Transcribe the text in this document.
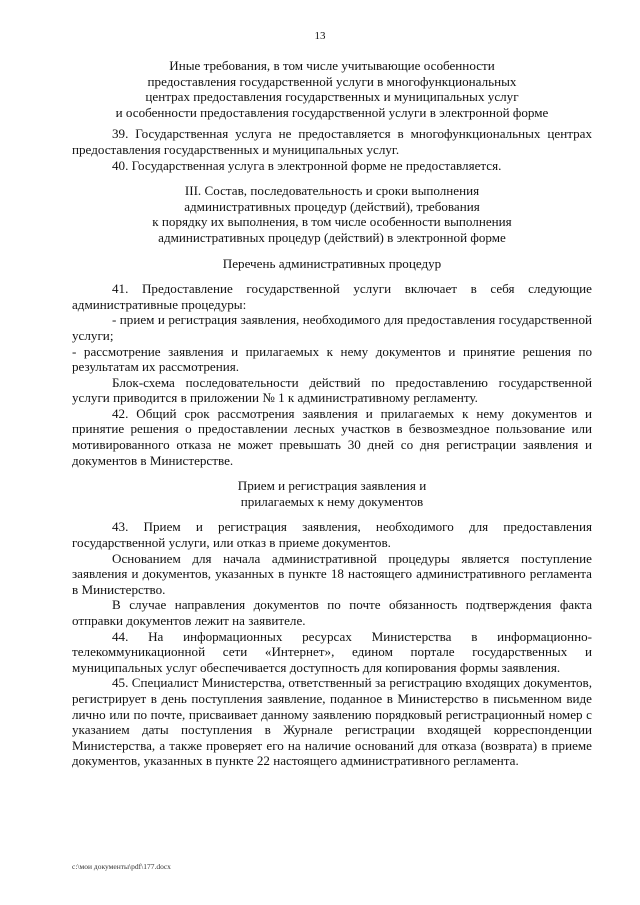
13

Иные требования, в том числе учитывающие особенности
предоставления государственной услуги в многофункциональных
центрах предоставления государственных и муниципальных услуг
и особенности предоставления государственной услуги в электронной форме

39. Государственная услуга не предоставляется в многофункциональных центрах предоставления государственных и муниципальных услуг.

40. Государственная услуга в электронной форме не предоставляется.

III. Состав, последовательность и сроки выполнения
административных процедур (действий), требования
к порядку их выполнения, в том числе особенности выполнения
административных процедур (действий) в электронной форме

Перечень административных процедур

41. Предоставление государственной услуги включает в себя следующие административные процедуры:

- прием и регистрация заявления, необходимого для предоставления государственной услуги;

- рассмотрение заявления и прилагаемых к нему документов и принятие решения по результатам их рассмотрения.

Блок-схема последовательности действий по предоставлению государственной услуги приводится в приложении № 1 к административному регламенту.

42. Общий срок рассмотрения заявления и прилагаемых к нему документов и принятие решения о предоставлении лесных участков в безвозмездное пользование или мотивированного отказа не может превышать 30 дней со дня регистрации заявления и документов в Министерстве.

Прием и регистрация заявления и
прилагаемых к нему документов

43. Прием и регистрация заявления, необходимого для предоставления государственной услуги, или отказ в приеме документов.

Основанием для начала административной процедуры является поступление заявления и документов, указанных в пункте 18 настоящего административного регламента в Министерство.

В случае направления документов по почте обязанность подтверждения факта отправки документов лежит на заявителе.

44. На информационных ресурсах Министерства в информационно-телекоммуникационной сети «Интернет», едином портале государственных и муниципальных услуг обеспечивается доступность для копирования формы заявления.

45. Специалист Министерства, ответственный за регистрацию входящих документов, регистрирует в день поступления заявление, поданное в Министерство в письменном виде лично или по почте, присваивает данному заявлению порядковый регистрационный номер с указанием даты поступления в Журнале регистрации входящей корреспонденции Министерства, а также проверяет его на наличие оснований для отказа (возврата) в приеме документов, указанных в пункте 22 настоящего административного регламента.

c:\мои документы\pdf\177.docx
